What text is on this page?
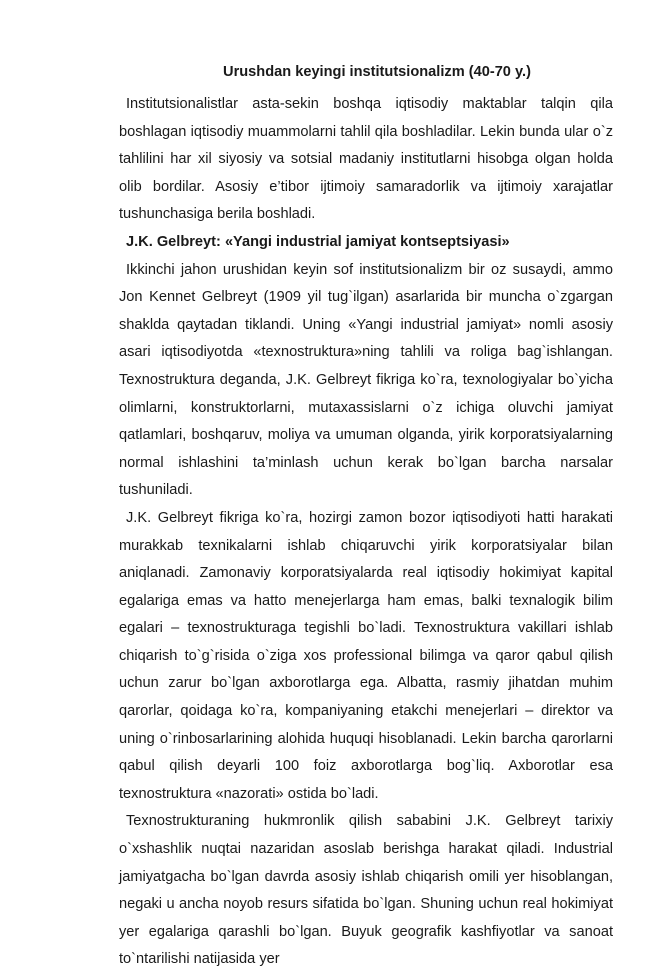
Urushdan keyingi institutsionalizm (40-70 y.)

Institutsionalistlar asta-sekin boshqa iqtisodiy maktablar talqin qila boshlagan iqtisodiy muammolarni tahlil qila boshladilar. Lekin bunda ular o`z tahlilini har xil siyosiy va sotsial madaniy institutlarni hisobga olgan holda olib bordilar. Asosiy e’tibor ijtimoiy samaradorlik va ijtimoiy xarajatlar tushunchasiga berila boshladi.

J.K. Gelbreyt: «Yangi industrial jamiyat kontseptsiyasi»

Ikkinchi jahon urushidan keyin sof institutsionalizm bir oz susaydi, ammo Jon Kennet Gelbreyt (1909 yil tug`ilgan) asarlarida bir muncha o`zgargan shaklda qaytadan tiklandi. Uning «Yangi industrial jamiyat» nomli asosiy asari iqtisodiyotda «texnostruktura»ning tahlili va roliga bag`ishlangan. Texnostruktura deganda, J.K. Gelbreyt fikriga ko`ra, texnologiyalar bo`yicha olimlarni, konstruktorlarni, mutaxassislarni o`z ichiga oluvchi jamiyat qatlamlari, boshqaruv, moliya va umuman olganda, yirik korporatsiyalarning normal ishlashini ta’minlash uchun kerak bo`lgan barcha narsalar tushuniladi.

J.K. Gelbreyt fikriga ko`ra, hozirgi zamon bozor iqtisodiyoti hatti harakati murakkab texnikalarni ishlab chiqaruvchi yirik korporatsiyalar bilan aniqlanadi. Zamonaviy korporatsiyalarda real iqtisodiy hokimiyat kapital egalariga emas va hatto menejerlarga ham emas, balki texnalogik bilim egalari – texnostrukturaga tegishli bo`ladi. Texnostruktura vakillari ishlab chiqarish to`g`risida o`ziga xos professional bilimga va qaror qabul qilish uchun zarur bo`lgan axborotlarga ega. Albatta, rasmiy jihatdan muhim qarorlar, qoidaga ko`ra, kompaniyaning etakchi menejerlari – direktor va uning o`rinbosarlarining alohida huquqi hisoblanadi. Lekin barcha qarorlarni qabul qilish deyarli 100 foiz axborotlarga bog`liq. Axborotlar esa texnostruktura «nazorati» ostida bo`ladi.

Texnostrukturaning hukmronlik qilish sababini J.K. Gelbreyt tarixiy o`xshashlik nuqtai nazaridan asoslab berishga harakat qiladi. Industrial jamiyatgacha bo`lgan davrda asosiy ishlab chiqarish omili yer hisoblangan, negaki u ancha noyob resurs sifatida bo`lgan. Shuning uchun real hokimiyat yer egalariga qarashli bo`lgan. Buyuk geografik kashfiyotlar va sanoat to`ntarilishi natijasida yer
